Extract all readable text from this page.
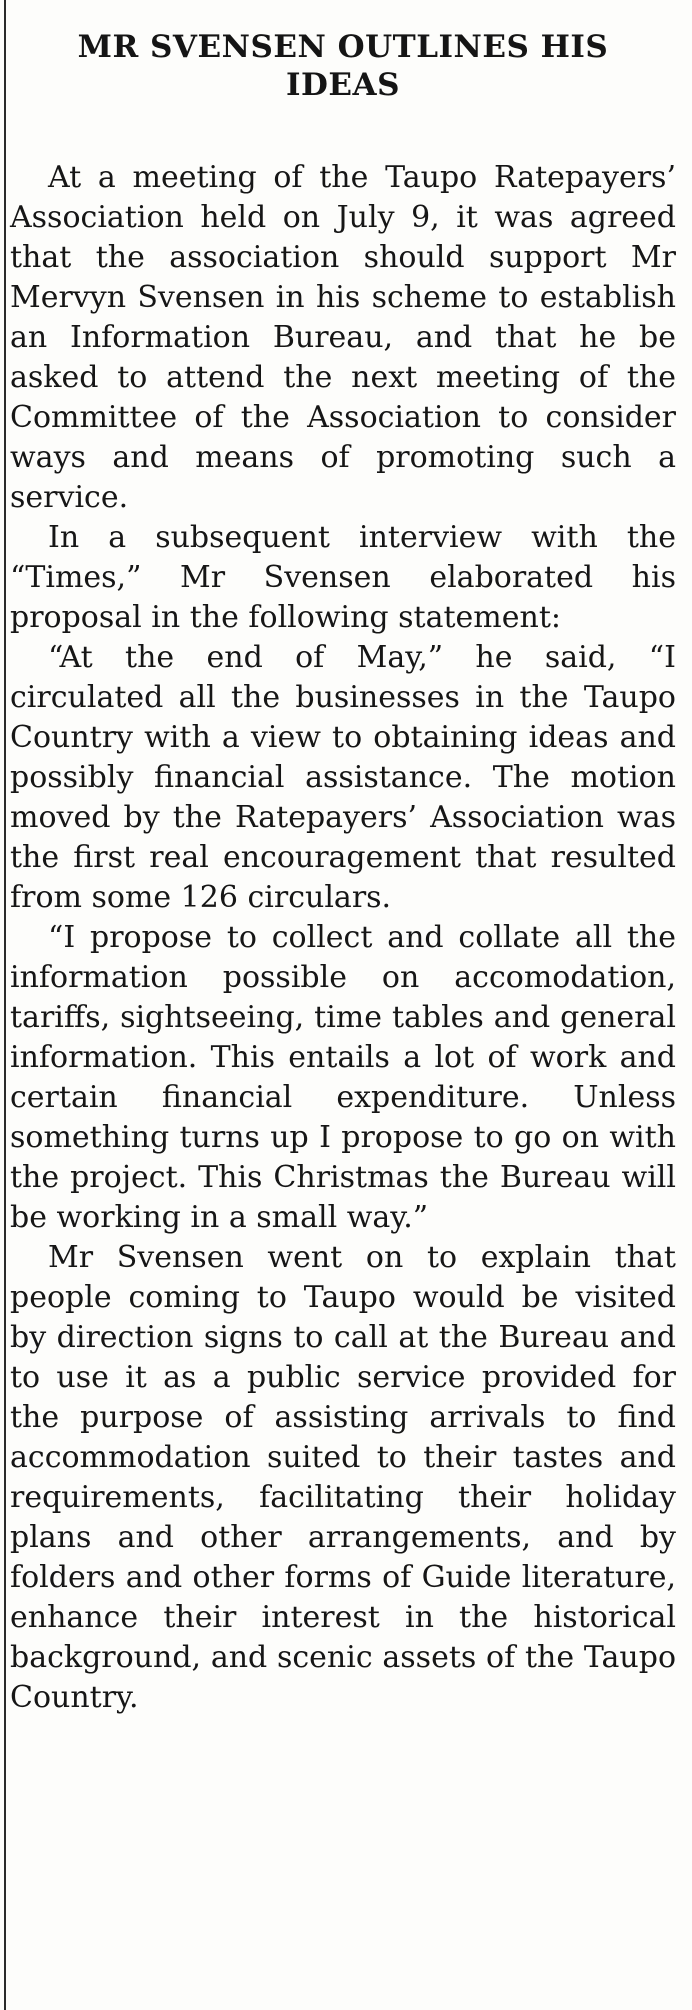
MR SVENSEN OUTLINES HIS IDEAS

At a meeting of the Taupo Ratepayers’ Association held on July 9, it was agreed that the association should support Mr Mervyn Svensen in his scheme to establish an Information Bureau, and that he be asked to attend the next meeting of the Committee of the Association to consider ways and means of promoting such a service.

In a subsequent interview with the “Times,” Mr Svensen elaborated his proposal in the following statement:

“At the end of May,” he said, “I circulated all the businesses in the Taupo Country with a view to obtaining ideas and possibly financial assistance. The motion moved by the Ratepayers’ Association was the first real encouragement that resulted from some 126 circulars.

“I propose to collect and collate all the information possible on accomodation, tariffs, sightseeing, time tables and general information. This entails a lot of work and certain financial expenditure. Unless something turns up I propose to go on with the project. This Christmas the Bureau will be working in a small way.”

Mr Svensen went on to explain that people coming to Taupo would be visited by direction signs to call at the Bureau and to use it as a public service provided for the purpose of assisting arrivals to find accommodation suited to their tastes and requirements, facilitating their holiday plans and other arrangements, and by folders and other forms of Guide literature, enhance their interest in the historical background, and scenic assets of the Taupo Country.
